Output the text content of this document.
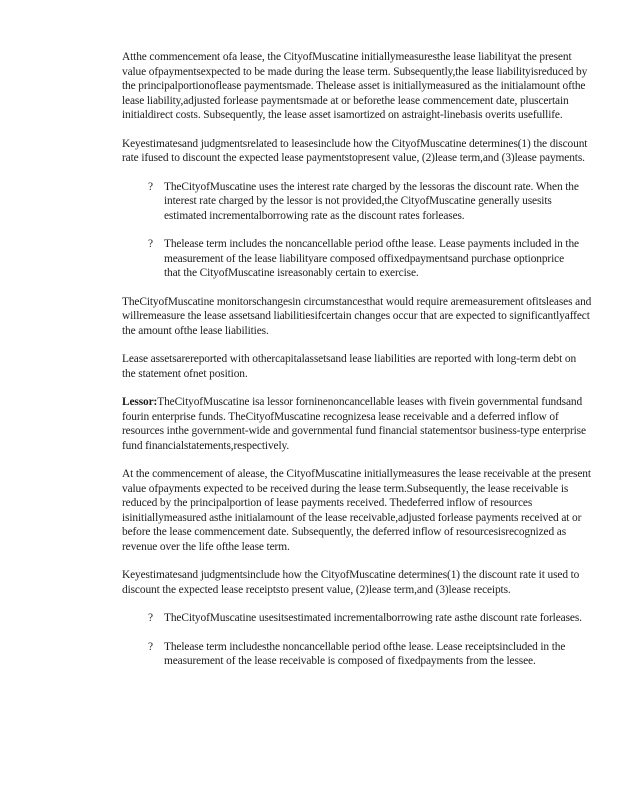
Atthe commencement ofa lease, the CityofMuscatine initiallymeasuresthe lease liabilityat the present value ofpaymentsexpected to be made during the lease term. Subsequently,the lease liabilityisreduced by the principalportionoflease paymentsmade. Thelease asset is initiallymeasured as the initialamount ofthe lease liability,adjusted forlease paymentsmade at or beforethe lease commencement date, pluscertain initialdirect costs. Subsequently, the lease asset isamortized on astraight-linebasis overits usefullife.

Keyestimatesand judgmentsrelated to leasesinclude how the CityofMuscatine determines(1) the discount rate ifused to discount the expected lease paymentstopresent value, (2)lease term,and (3)lease payments.

? TheCityofMuscatine uses the interest rate charged by the lessoras the discount rate. When the interest rate charged by the lessor is not provided,the CityofMuscatine generally usesits estimated incrementalborrowing rate as the discount rates forleases.
? Thelease term includes the noncancellable period ofthe lease. Lease payments included in the measurement of the lease liabilityare composed offixedpaymentsand purchase optionprice that the CityofMuscatine isreasonably certain to exercise.

TheCityofMuscatine monitorschangesin circumstancesthat would require aremeasurement ofitsleases and willremeasure the lease assetsand liabilitiesifcertain changes occur that are expected to significantlyaffect the amount ofthe lease liabilities.

Lease assetsarereported with othercapitalassetsand lease liabilities are reported with long-term debt on the statement ofnet position.

Lessor:TheCityofMuscatine isa lessor forninenoncancellable leases with fivein governmental fundsand fourin enterprise funds. TheCityofMuscatine recognizesa lease receivable and a deferred inflow of resources inthe government-wide and governmental fund financial statementsor business-type enterprise fund financialstatements,respectively.

At the commencement of alease, the CityofMuscatine initiallymeasures the lease receivable at the present value ofpayments expected to be received during the lease term.Subsequently, the lease receivable is reduced by the principalportion of lease payments received. Thedeferred inflow of resources isinitiallymeasured asthe initialamount of the lease receivable,adjusted forlease payments received at or before the lease commencement date. Subsequently, the deferred inflow of resourcesisrecognized as revenue over the life ofthe lease term.

Keyestimatesand judgmentsinclude how the CityofMuscatine determines(1) the discount rate it used to discount the expected lease receiptsto present value, (2)lease term,and (3)lease receipts.

? TheCityofMuscatine usesitsestimated incrementalborrowing rate asthe discount rate forleases.
? Thelease term includesthe noncancellable period ofthe lease. Lease receiptsincluded in the measurement of the lease receivable is composed of fixedpayments from the lessee.
